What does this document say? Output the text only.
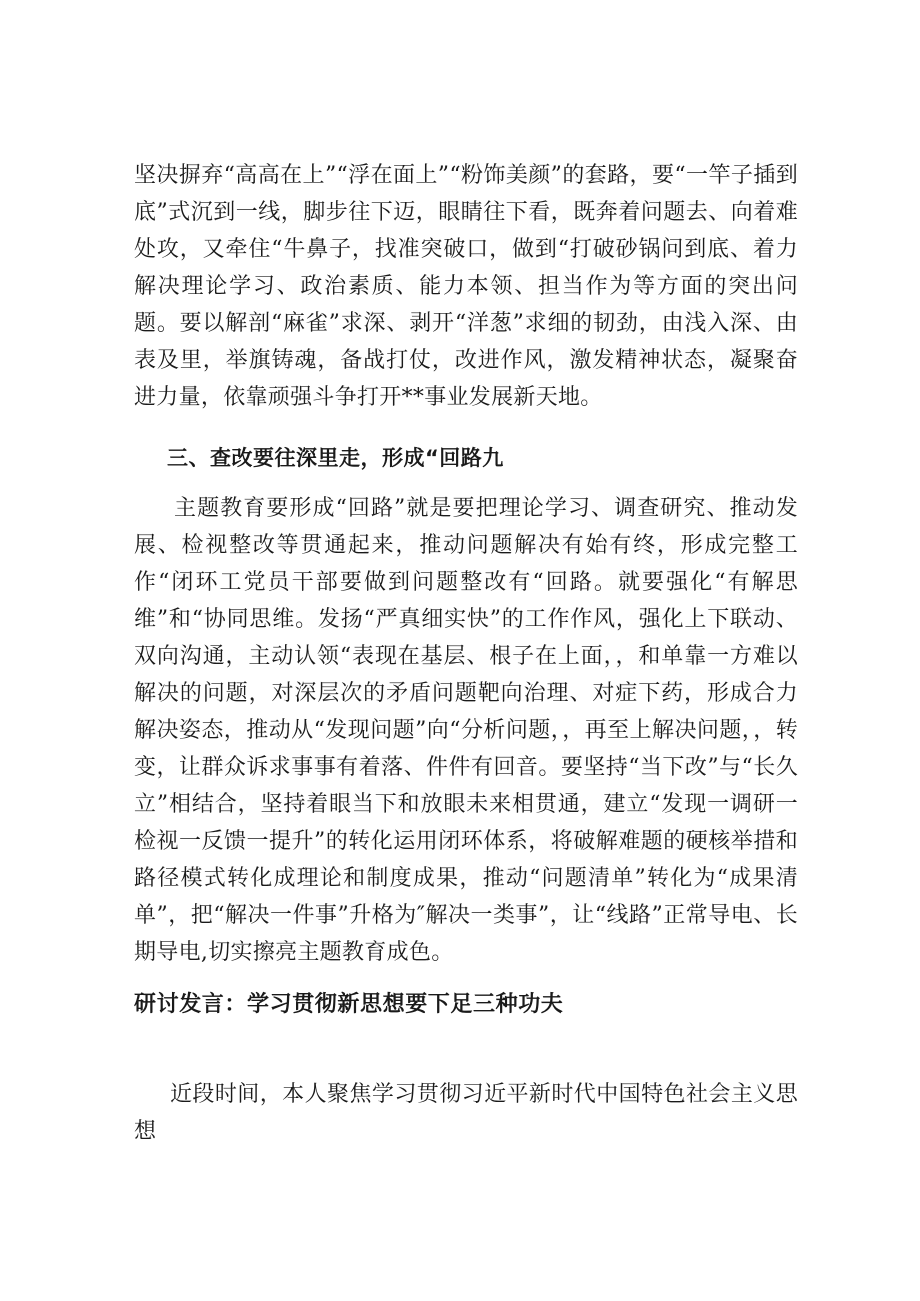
坚决摒弃“高高在上”“浮在面上”“粉饰美颜”的套路，要“一竿子插到底”式沉到一线，脚步往下迈，眼睛往下看，既奔着问题去、向着难处攻，又牵住“牛鼻子，找准突破口，做到“打破砂锅问到底、着力解决理论学习、政治素质、能力本领、担当作为等方面的突出问题。要以解剖“麻雀”求深、剥开“洋葱”求细的韧劲，由浅入深、由表及里，举旗铸魂，备战打仗，改进作风，激发精神状态，凝聚奋进力量，依靠顽强斗争打开**事业发展新天地。

三、查改要往深里走，形成“回路九

主题教育要形成“回路”就是要把理论学习、调查研究、推动发展、检视整改等贯通起来，推动问题解决有始有终，形成完整工作“闭环工党员干部要做到问题整改有“回路。就要强化“有解思维”和“协同思维。发扬“严真细实快”的工作作风，强化上下联动、双向沟通，主动认领“表现在基层、根子在上面，，和单靠一方难以解决的问题，对深层次的矛盾问题靶向治理、对症下药，形成合力解决姿态，推动从“发现问题”向“分析问题，，再至上解决问题，，转变，让群众诉求事事有着落、件件有回音。要坚持“当下改”与“长久立”相结合，坚持着眼当下和放眼未来相贯通，建立“发现一调研一检视一反馈一提升”的转化运用闭环体系，将破解难题的硬核举措和路径模式转化成理论和制度成果，推动“问题清单”转化为“成果清单”，把“解决一件事”升格为″解决一类事”，让“线路”正常导电、长期导电,切实擦亮主题教育成色。

研讨发言：学习贯彻新思想要下足三种功夫

近段时间，本人聚焦学习贯彻习近平新时代中国特色社会主义思想
